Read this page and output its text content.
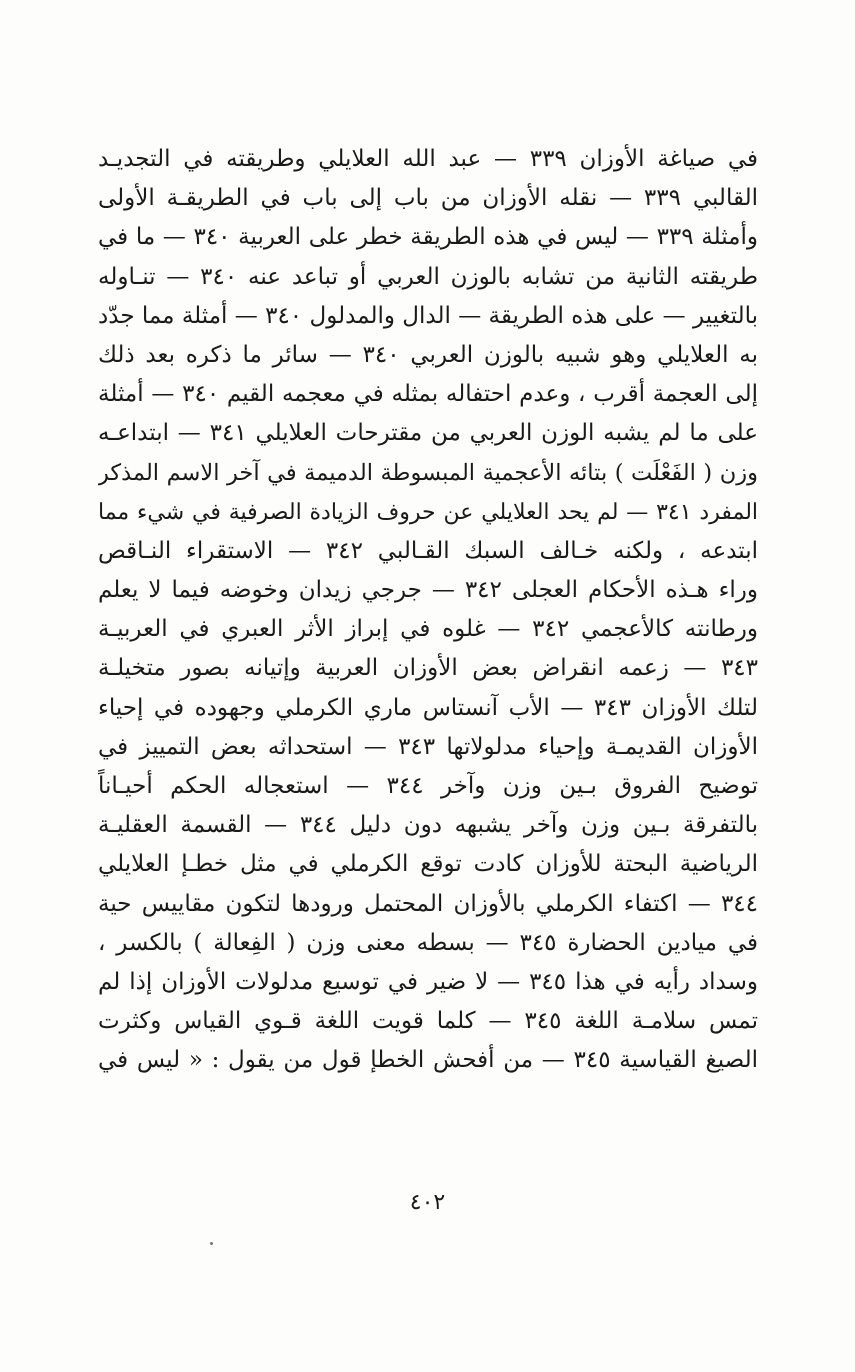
في صياغة الأوزان ٣٣٩ — عبد الله العلايلي وطريقته في التجديـد
القالبي ٣٣٩ — نقله الأوزان من باب إلى باب في الطريقـة الأولى
وأمثلة ٣٣٩ — ليس في هذه الطريقة خطر على العربية ٣٤٠ — ما في
طريقته الثانية من تشابه بالوزن العربي أو تباعد عنه ٣٤٠ — تنـاوله
بالتغيير — على هذه الطريقة — الدال والمدلول ٣٤٠ — أمثلة مما جدّد
به العلايلي وهو شبيه بالوزن العربي ٣٤٠ — سائر ما ذكره بعد ذلك
إلى العجمة أقرب ، وعدم احتفاله بمثله في معجمه القيم ٣٤٠ — أمثلة
على ما لم يشبه الوزن العربي من مقترحات العلايلي ٣٤١ — ابتداعـه
وزن ( الفَعْلَت ) بتائه الأعجمية المبسوطة الدميمة في آخر الاسم المذكر
المفرد ٣٤١ — لم يحد العلايلي عن حروف الزيادة الصرفية في شيء مما
ابتدعه ، ولكنه خـالف السبك القـالبي ٣٤٢ — الاستقراء النـاقص
وراء هـذه الأحكام العجلى ٣٤٢ — جرجي زيدان وخوضه فيما لا يعلم
ورطانته كالأعجمي ٣٤٢ — غلوه في إبراز الأثر العبري في العربيـة
٣٤٣ — زعمه انقراض بعض الأوزان العربية وإتيانه بصور متخيلـة
لتلك الأوزان ٣٤٣ — الأب آنستاس ماري الكرملي وجهوده في إحياء
الأوزان القديمـة وإحياء مدلولاتها ٣٤٣ — استحداثه بعض التمييز في
توضيح الفروق بـين وزن وآخر ٣٤٤ — استعجاله الحكم أحيـاناً
بالتفرقة بـين وزن وآخر يشبهه دون دليل ٣٤٤ — القسمة العقليـة
الرياضية البحتة للأوزان كادت توقع الكرملي في مثل خطـإ العلايلي
٣٤٤ — اكتفاء الكرملي بالأوزان المحتمل ورودها لتكون مقاييس حية
في ميادين الحضارة ٣٤٥ — بسطه معنى وزن ( الفِعالة ) بالكسر ،
وسداد رأيه في هذا ٣٤٥ — لا ضير في توسيع مدلولات الأوزان إذا لم
تمس سلامـة اللغة ٣٤٥ — كلما قويت اللغة قـوي القياس وكثرت
الصيغ القياسية ٣٤٥ — من أفحش الخطإ قول من يقول : « ليس في
٤٠٢
